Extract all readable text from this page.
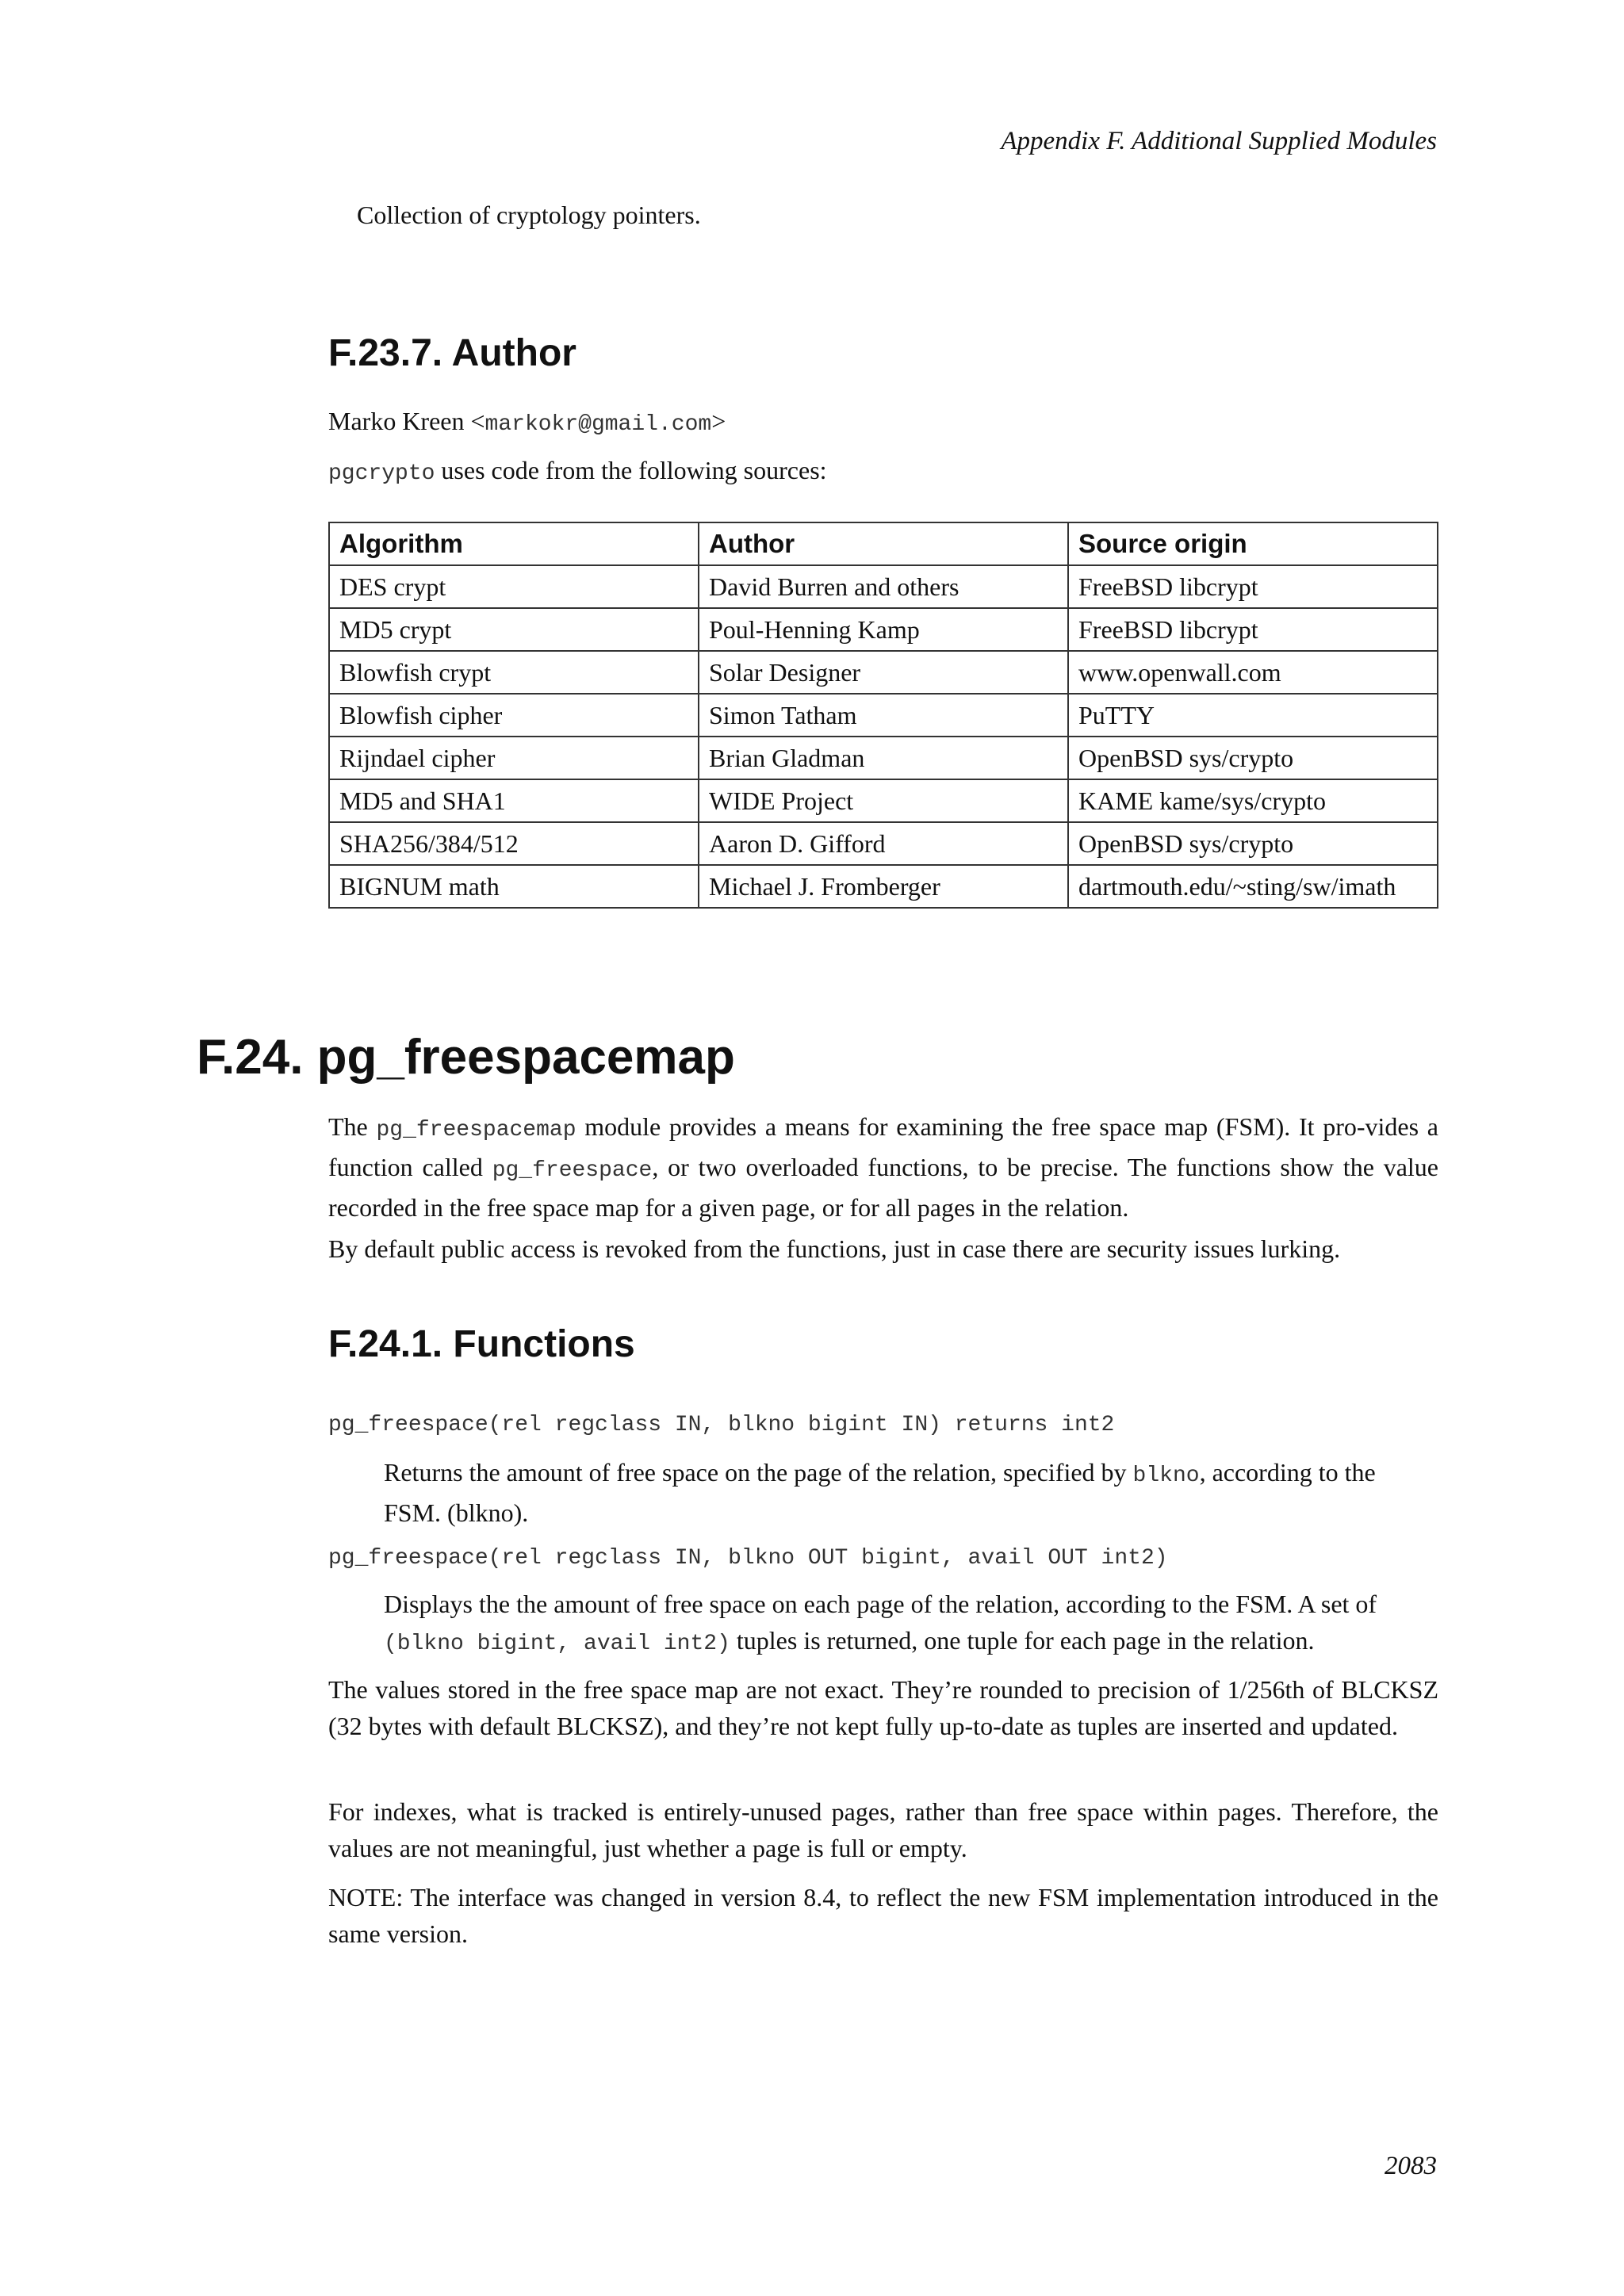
Appendix F. Additional Supplied Modules
Collection of cryptology pointers.
F.23.7. Author
Marko Kreen <markokr@gmail.com>
pgcrypto uses code from the following sources:
Algorithm	Author	Source origin
DES crypt	David Burren and others	FreeBSD libcrypt
MD5 crypt	Poul-Henning Kamp	FreeBSD libcrypt
Blowfish crypt	Solar Designer	www.openwall.com
Blowfish cipher	Simon Tatham	PuTTY
Rijndael cipher	Brian Gladman	OpenBSD sys/crypto
MD5 and SHA1	WIDE Project	KAME kame/sys/crypto
SHA256/384/512	Aaron D. Gifford	OpenBSD sys/crypto
BIGNUM math	Michael J. Fromberger	dartmouth.edu/~sting/sw/imath
F.24. pg_freespacemap
The pg_freespacemap module provides a means for examining the free space map (FSM). It pro-vides a function called pg_freespace, or two overloaded functions, to be precise. The functions show the value recorded in the free space map for a given page, or for all pages in the relation.
By default public access is revoked from the functions, just in case there are security issues lurking.
F.24.1. Functions
pg_freespace(rel regclass IN, blkno bigint IN) returns int2
Returns the amount of free space on the page of the relation, specified by blkno, according to the FSM. (blkno).
pg_freespace(rel regclass IN, blkno OUT bigint, avail OUT int2)
Displays the the amount of free space on each page of the relation, according to the FSM. A set of (blkno bigint, avail int2) tuples is returned, one tuple for each page in the relation.
The values stored in the free space map are not exact. They’re rounded to precision of 1/256th of BLCKSZ (32 bytes with default BLCKSZ), and they’re not kept fully up-to-date as tuples are inserted and updated.
For indexes, what is tracked is entirely-unused pages, rather than free space within pages. Therefore, the values are not meaningful, just whether a page is full or empty.
NOTE: The interface was changed in version 8.4, to reflect the new FSM implementation introduced in the same version.
2083
